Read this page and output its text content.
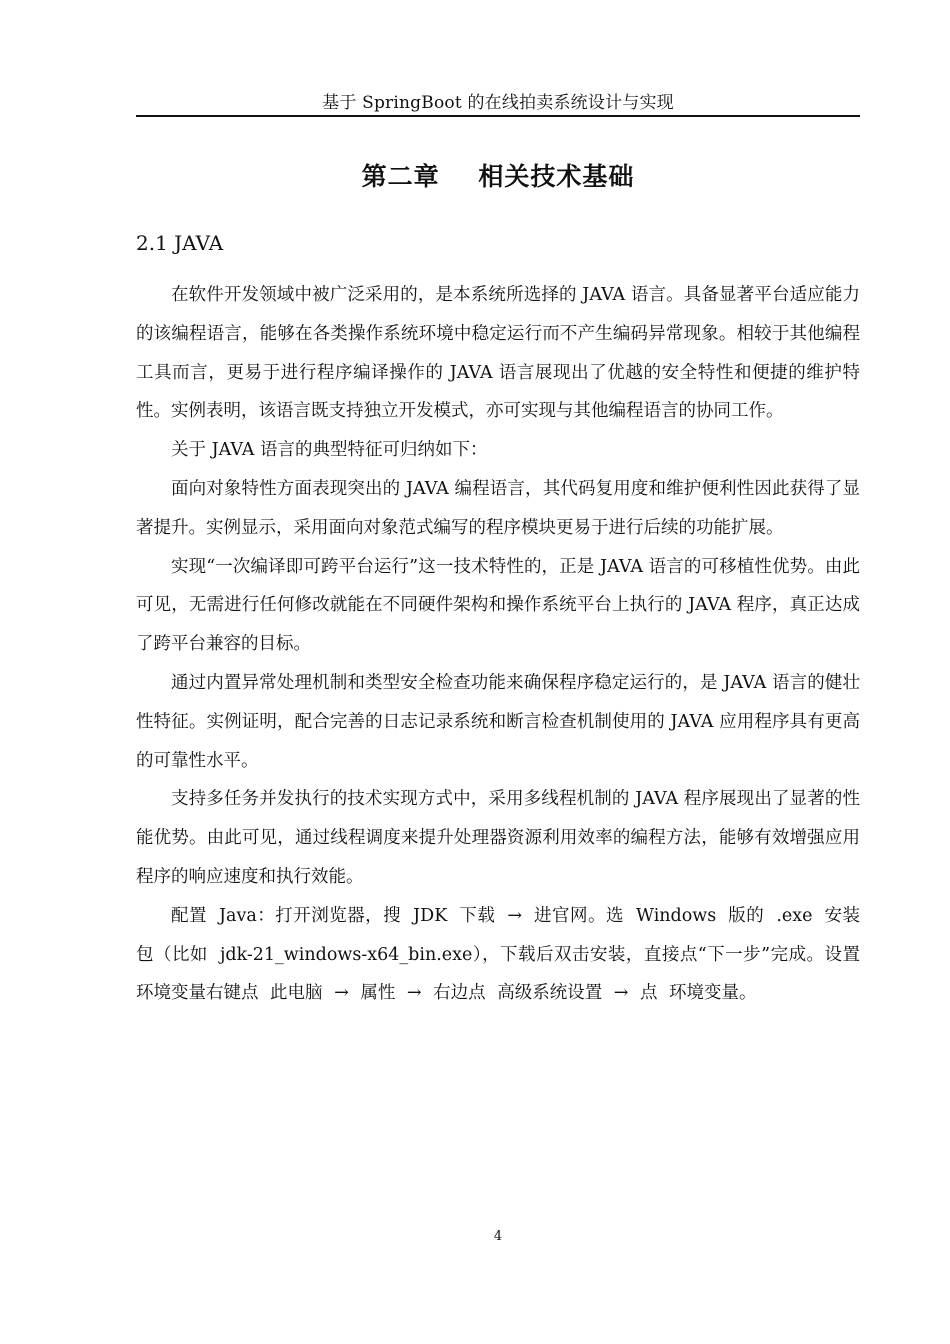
基于 SpringBoot 的在线拍卖系统设计与实现
第二章    相关技术基础
2.1 JAVA

在软件开发领域中被广泛采用的，是本系统所选择的 JAVA 语言。具备显著平台适应能力的该编程语言，能够在各类操作系统环境中稳定运行而不产生编码异常现象。相较于其他编程工具而言，更易于进行程序编译操作的 JAVA 语言展现出了优越的安全特性和便捷的维护特性。实例表明，该语言既支持独立开发模式，亦可实现与其他编程语言的协同工作。

关于 JAVA 语言的典型特征可归纳如下：

面向对象特性方面表现突出的 JAVA 编程语言，其代码复用度和维护便利性因此获得了显著提升。实例显示，采用面向对象范式编写的程序模块更易于进行后续的功能扩展。

实现“一次编译即可跨平台运行”这一技术特性的，正是 JAVA 语言的可移植性优势。由此可见，无需进行任何修改就能在不同硬件架构和操作系统平台上执行的 JAVA 程序，真正达成了跨平台兼容的目标。

通过内置异常处理机制和类型安全检查功能来确保程序稳定运行的，是 JAVA 语言的健壮性特征。实例证明，配合完善的日志记录系统和断言检查机制使用的 JAVA 应用程序具有更高的可靠性水平。

支持多任务并发执行的技术实现方式中，采用多线程机制的 JAVA 程序展现出了显著的性能优势。由此可见，通过线程调度来提升处理器资源利用效率的编程方法，能够有效增强应用程序的响应速度和执行效能。

配置 Java：打开浏览器，搜 JDK 下载 → 进官网。选 Windows 版的 .exe 安装包（比如 jdk-21_windows-x64_bin.exe），下载后双击安装，直接点“下一步”完成。设置环境变量右键点 此电脑 → 属性 → 右边点 高级系统设置 → 点 环境变量。

4
